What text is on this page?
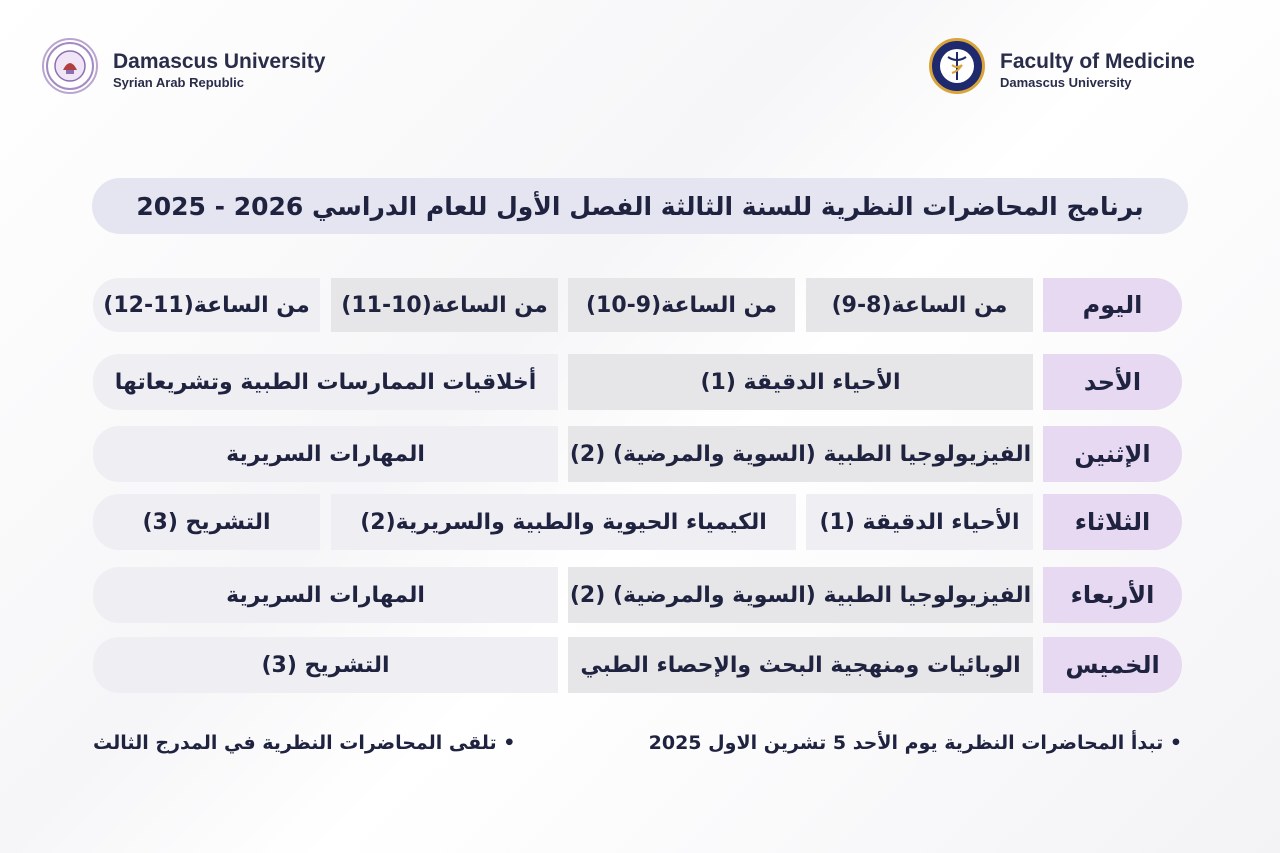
Damascus University
Syrian Arab Republic
Faculty of Medicine
Damascus University
برنامج المحاضرات النظرية للسنة الثالثة الفصل الأول للعام الدراسي 2026 - 2025
اليوم
من الساعة(8-9)
من الساعة(9-10)
من الساعة(10-11)
من الساعة(11-12)
الأحد
الأحياء الدقيقة (1)
أخلاقيات الممارسات الطبية وتشريعاتها
الإثنين
الفيزيولوجيا الطبية (السوية والمرضية) (2)
المهارات السريرية
الثلاثاء
الأحياء الدقيقة (1)
الكيمياء الحيوية والطبية والسريرية(2)
التشريح (3)
الأربعاء
الفيزيولوجيا الطبية (السوية والمرضية) (2)
المهارات السريرية
الخميس
الوبائيات ومنهجية البحث والإحصاء الطبي
التشريح (3)
• تبدأ المحاضرات النظرية يوم الأحد 5 تشرين الاول 2025
• تلقى المحاضرات النظرية في المدرج الثالث
